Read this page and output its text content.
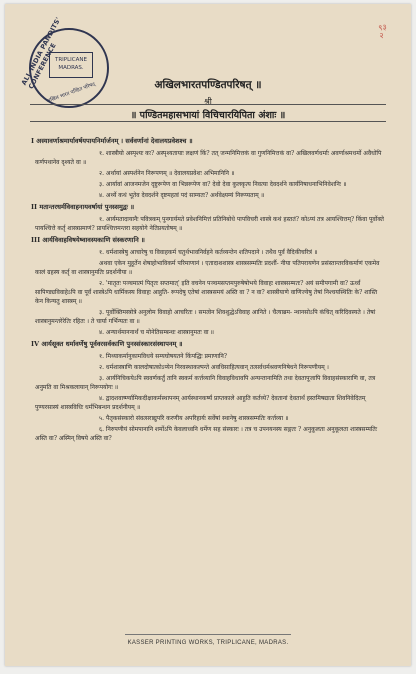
ALL INDIA PANDITS' CONFERENCE
TRIPLICANE
MADRAS.
अखिल भारत पण्डित परिषत्
९३
२
अखिलभारतपण्डितपरिषत् ॥
श्री
॥ पण्डितमहासभायां विचिचारयिपिता अंशाः ॥
I अस्यावर्णाश्रमार्यावर्षयपायनिर्मार्जनम् । सर्ववर्णानां देवालयप्रवेशश्च ॥
१. शास्त्रीयो अस्पृश्यः कः? अस्पृश्यतायाः लक्षणं किं? तत् जन्मनिमित्तकं वा गुणनिमित्तकं वा? अखिलवर्णधर्माः अवर्णाश्रमधर्मो अवैधोपि कर्णपथानेव दृश्यते वा ॥
२. अर्थायां अस्पर्शनेन निरूपणम् ॥ देवालयप्रवेशः अभिमानिनि ॥
३. आर्यावां आजनमजेन दृष्टुरूपेण वा भिन्नरूपेण वा? देवो देवा कुलकृत्य निवत्या देवदर्शने कार्यनिषाधनाभिनिवेशनिः ॥
४. अर्थ्ये कथं भूतेव देवदर्शने दृष्टमहत्वं पदं साम्यतः? अर्थवेक्ष्यम्यं निरूप्यताम् ॥
II मतान्तरधर्मविवाहनायवर्षायां पुनस्समुद्वः ॥
१. आर्यमतादायानैः पवित्रकम् पुनगार्यमते प्रवेशनिमित्तं प्रतिनिबोधे पापविचरी शास्त्रे कथं हस्ततं? कोऽप्यं तत्र आयश्चित्तम्? किंवा पूर्वोक्ते पायश्चित्ते कर्तृ शास्त्रप्रमाणं? प्रायश्चित्तमन्तरा सहयोगे नेतिप्रयतोषम् ॥
III आर्यविवाहविषयेष्वावस्यकाणि संस्करणानि ॥
१. धर्मशास्त्रेषु आचारेषु च विवाहकर्म चतुर्थभावनिर्वहने कर्तव्यन्तेन शतिपदाने । तथैव पूर्वं वैदिकीचरित्रं ॥
अथवा एकेन मुहूर्तेन शेषाहोभाविकर्म परिमाणानं । एतादाशशास्त्र शास्त्रसम्मतिः प्रदर्शी- नीया पतिपरायणेन प्रसंस्तान्तरविकर्माणं एकमेव कालं ग्रहस्य कर्तृ वा शास्त्रानुमतिः प्रदर्शनीया ॥
२. 'मातृतः पञ्चमात्मं पितृतः सप्तमात्' इति वचनेन पञ्चमसप्तमपुरुषेषोभये विवाहः शास्त्रसम्मतः? अयं समीपगामी वा? ऊर्ध्वं सापिण्ड्यविवाहेऽपि वा पूर्वं शास्त्रेऽपि धार्मिकस्य विवाहः आहुति- रूपदेषु एतेषां शास्त्रसमयं अस्ति वा ? न वा? शास्त्रीयाणे वाणिज्येषु तेषां निश्चयस्थितिः के? शास्ति केन किन्यतु शास्त्रम् ॥
३. पूर्वोक्तिमस्त्रोत्रे अनुलोम विवाहो आचरितः । समत्वेन शिवशुद्धेऽविवाह आनिते । चैत्याब्रम- न्थानसोऽपि कंचित् करिदिवस्यते । तेषां शास्त्रानुमन्तरेरेतिः रहितः । ते चार्या गर्भिन्यतः वा ॥
४. अन्यार्थमाननार्थं च मोनेतिसम्बन्धः शास्त्रानुमतः वा ॥
IV आर्यसूक्त धर्मावर्णेषु पूर्ववरसर्वकाणि पुनस्संस्कारसंस्थापनम् ॥
१. मिथ्याकर्मानुकामविधये सम्यघोषयतने किंपद्धिः प्रमाणानि?
२. धर्मशास्त्राणि कालदोषात्कोऽप्येन निरवस्थाकल्पन्ते अवधिसाहित्यवान् तत्सर्वधर्मश्रवणनिषेधने निरूपणीयम् ।
३. आर्यनिचिकयेऽपि स्ववर्णकर्तुं तानि स्वकर्म कर्त्तव्यानि विवाहविधावपि अन्यन्तानामिति तथा देवतापूजापि विवाहसंस्काराणि वा, तत्र अनुमति वा मिश्रकलायान् निरूपयोगः ॥
४. द्वादशवार्ष्ण्यामिकदीक्षाकर्मस्थापनम् आर्यस्थानकर्ष्यं प्राप्तकाले आहुति कर्तव्ये? देवतानां देवतार्थं हस्तमिषद्याता शिवनिवेदितम् पुण्यरसास्यं शास्त्रविधिः धर्मभिबन्धन प्रदर्शनीयम् ॥
५. पैतृकसंस्कारो संवत्सराद्युपरि करणीय अपरिहार्यः सर्वेषां स्थानेषु शास्त्रसम्मतिः कर्त्तव्या ॥
६. निरुपणीयं सोमपानानि शर्मोऽपि केवलाध्वनि धर्मेण सह संस्कारः । तत्र च उपनयनस्य सङ्गतः ? अनुकूलता अनुकूलता शास्त्रसम्मतिः अस्ति वा? अस्मिन् विषये अस्ति वा?
KASSER PRINTING WORKS, TRIPLICANE, MADRAS.
